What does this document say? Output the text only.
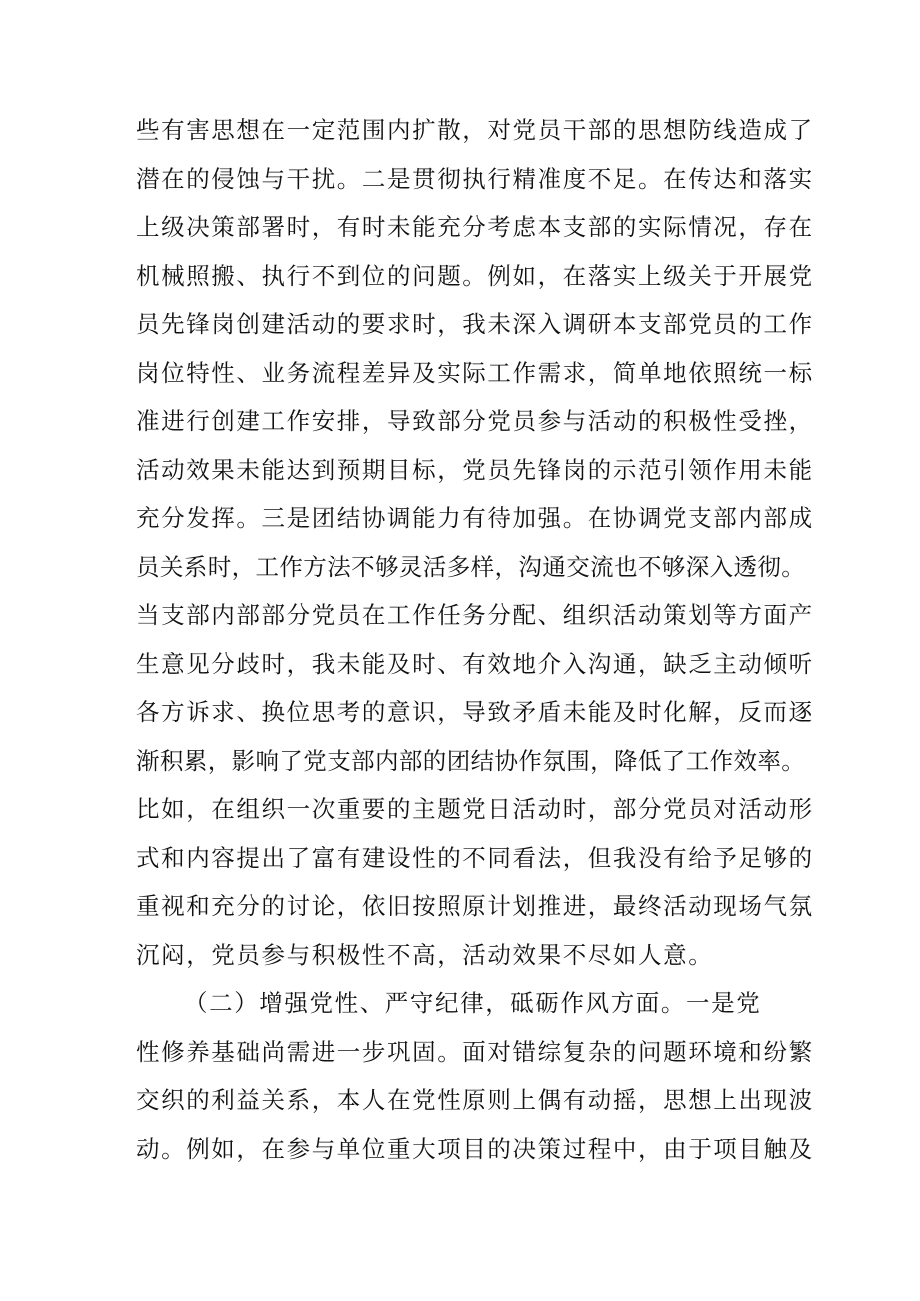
些有害思想在一定范围内扩散，对党员干部的思想防线造成了
潜在的侵蚀与干扰。二是贯彻执行精准度不足。在传达和落实
上级决策部署时，有时未能充分考虑本支部的实际情况，存在
机械照搬、执行不到位的问题。例如，在落实上级关于开展党
员先锋岗创建活动的要求时，我未深入调研本支部党员的工作
岗位特性、业务流程差异及实际工作需求，简单地依照统一标
准进行创建工作安排，导致部分党员参与活动的积极性受挫，
活动效果未能达到预期目标，党员先锋岗的示范引领作用未能
充分发挥。三是团结协调能力有待加强。在协调党支部内部成
员关系时，工作方法不够灵活多样，沟通交流也不够深入透彻。
当支部内部部分党员在工作任务分配、组织活动策划等方面产
生意见分歧时，我未能及时、有效地介入沟通，缺乏主动倾听
各方诉求、换位思考的意识，导致矛盾未能及时化解，反而逐
渐积累，影响了党支部内部的团结协作氛围，降低了工作效率。
比如，在组织一次重要的主题党日活动时，部分党员对活动形
式和内容提出了富有建设性的不同看法，但我没有给予足够的
重视和充分的讨论，依旧按照原计划推进，最终活动现场气氛
沉闷，党员参与积极性不高，活动效果不尽如人意。
（二）增强党性、严守纪律，砥砺作风方面。一是党
性修养基础尚需进一步巩固。面对错综复杂的问题环境和纷繁
交织的利益关系，本人在党性原则上偶有动摇，思想上出现波
动。例如，在参与单位重大项目的决策过程中，由于项目触及
